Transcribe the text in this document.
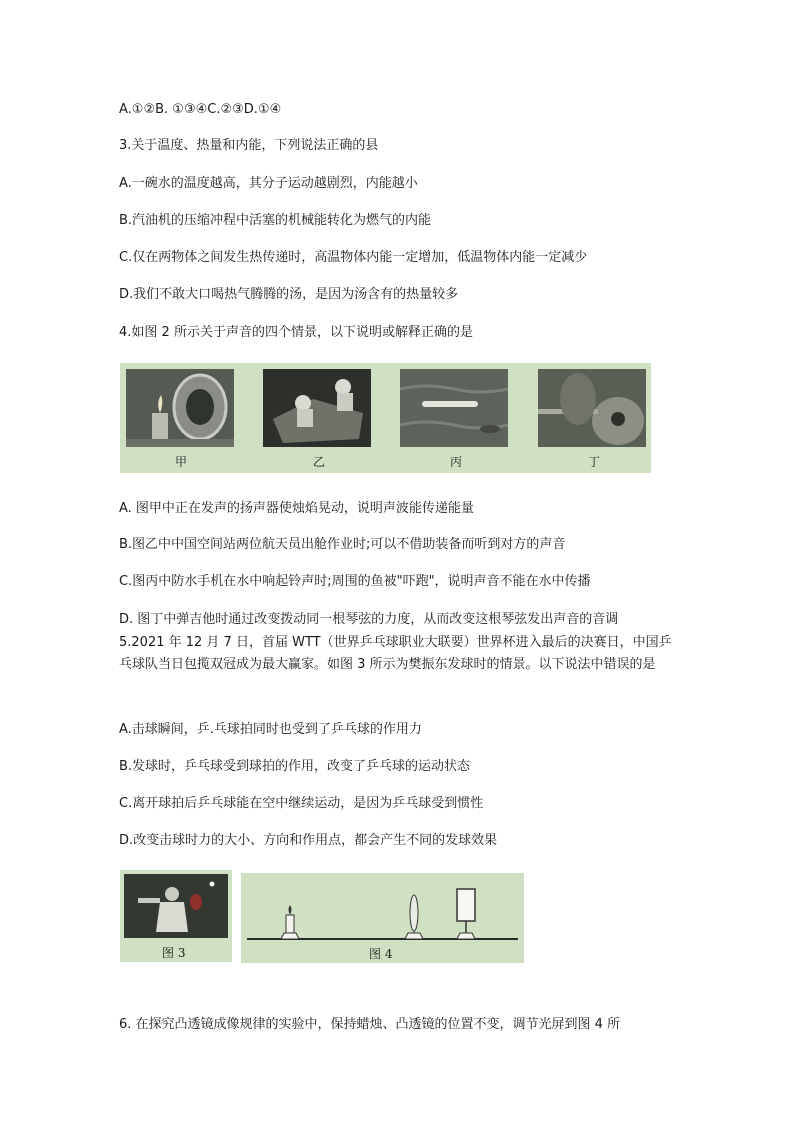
A.①②B. ①③④C.②③D.①④
3.关于温度、热量和内能，下列说法正确的县
A.一碗水的温度越高，其分子运动越剧烈，内能越小
B.汽油机的压缩冲程中活塞的机械能转化为燃气的内能
C.仅在两物体之间发生热传递时，高温物体内能一定增加，低温物体内能一定减少
D.我们不敢大口喝热气腾腾的汤，是因为汤含有的热量较多
4.如图 2 所示关于声音的四个情景，以下说明或解释正确的是
甲	乙	丙	丁
A. 图甲中正在发声的扬声器使烛焰晃动，说明声波能传递能量
B.图乙中中国空间站两位航天员出舱作业时;可以不借助装备而听到对方的声音
C.图丙中防水手机在水中响起铃声时;周围的鱼被"吓跑"，说明声音不能在水中传播
D. 图丁中弹吉他时通过改变拨动同一根琴弦的力度，从而改变这根琴弦发出声音的音调
5.2021 年 12 月 7 日，首届 WTT（世界乒乓球职业大联要）世界杯进入最后的决赛日，中国乒乓球队当日包揽双冠成为最大赢家。如图 3 所示为樊振东发球时的情景。以下说法中错误的是
A.击球瞬间，乒.乓球拍同时也受到了乒乓球的作用力
B.发球时，乒乓球受到球拍的作用，改变了乒乓球的运动状态
C.离开球拍后乒乓球能在空中继续运动，是因为乒乓球受到惯性
D.改变击球时力的大小、方向和作用点，都会产生不同的发球效果
图 3	图 4
6. 在探究凸透镜成像规律的实验中，保持蜡烛、凸透镜的位置不变，调节光屏到图 4 所
